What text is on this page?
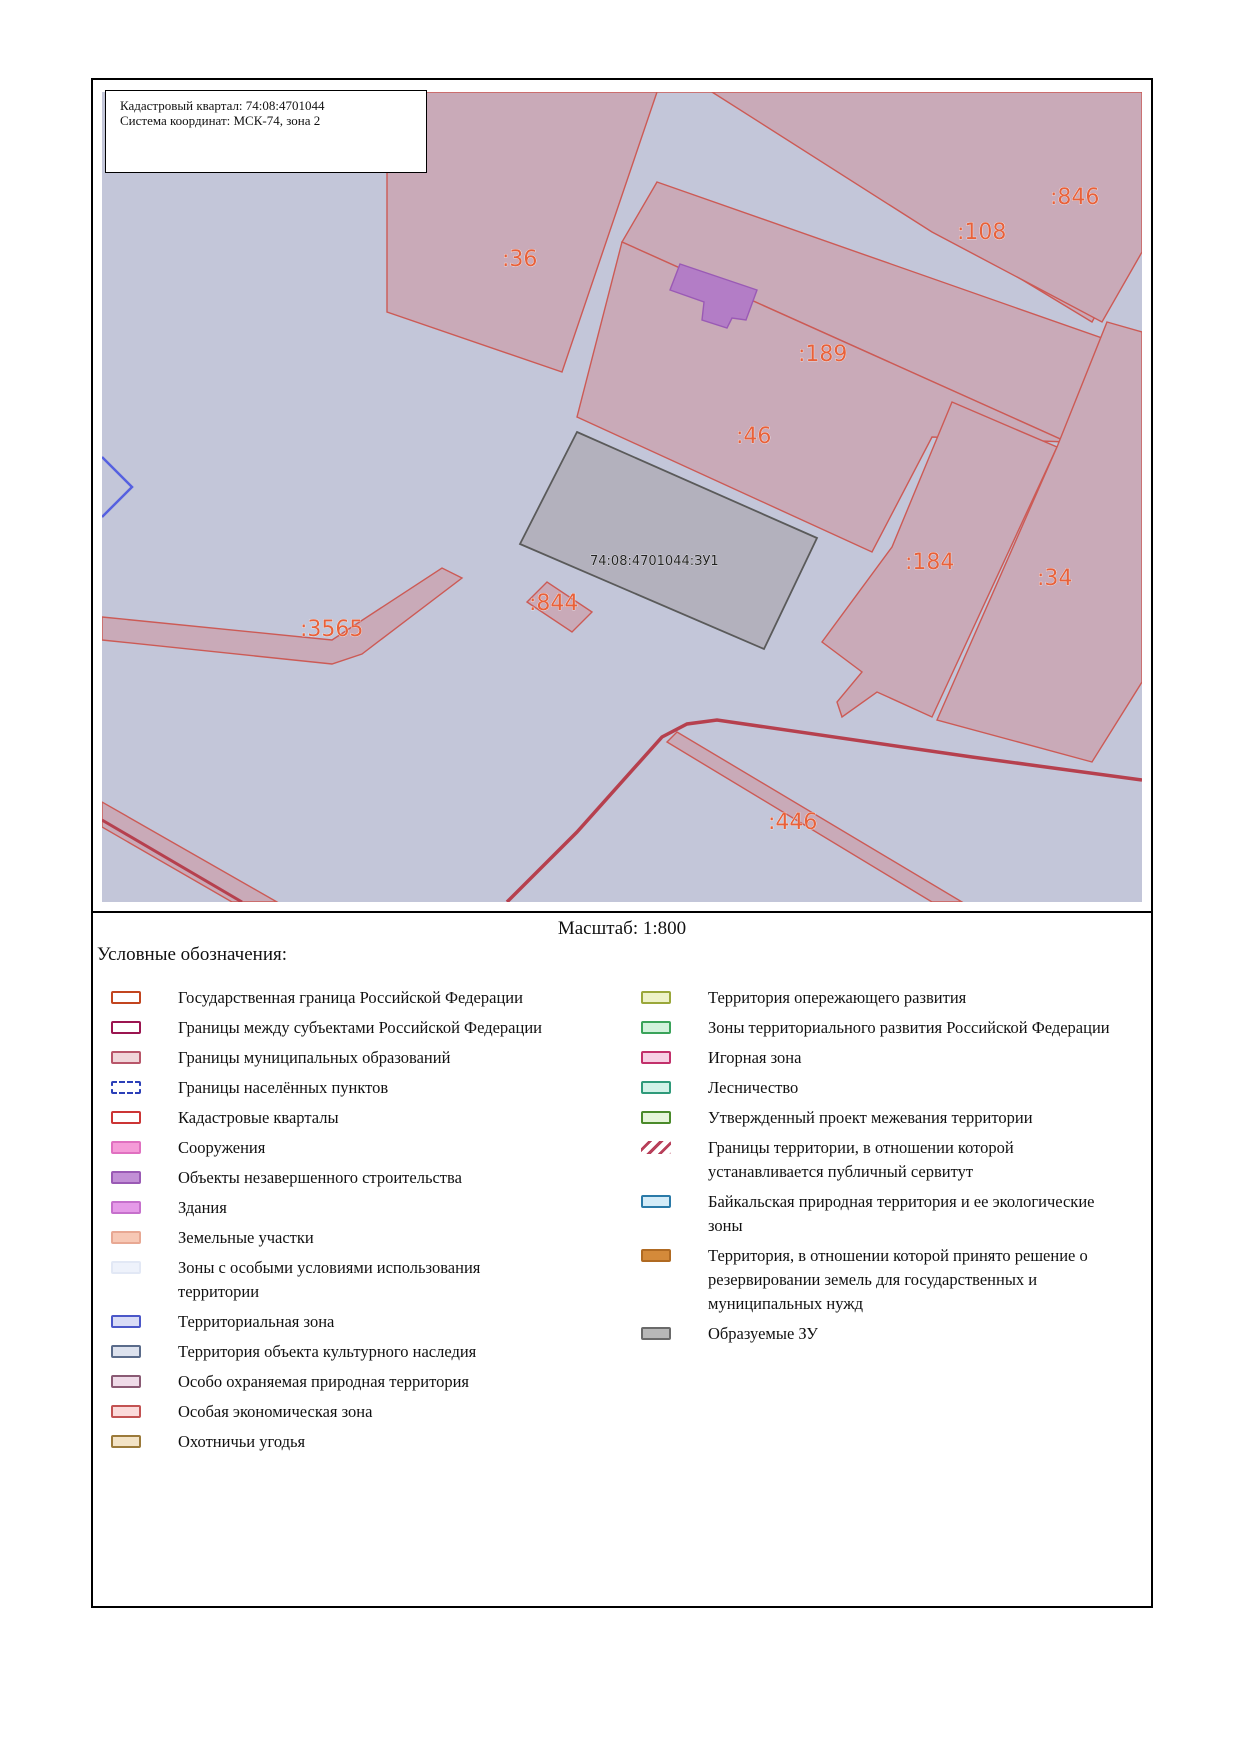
:846
:108
:36
:189
:46
:184
:34
:844
:3565
:446
74:08:4701044:ЗУ1
Кадастровый квартал: 74:08:4701044
Система координат: МСК-74, зона 2
Масштаб: 1:800
Условные обозначения:
Государственная граница Российской Федерации
Границы между субъектами Российской Федерации
Границы муниципальных образований
Границы населённых пунктов
Кадастровые кварталы
Сооружения
Объекты незавершенного строительства
Здания
Земельные участки
Зоны с особыми условиями использования территории
Территориальная зона
Территория объекта культурного наследия
Особо охраняемая природная территория
Особая экономическая зона
Охотничьи угодья
Территория опережающего развития
Зоны территориального развития Российской Федерации
Игорная зона
Лесничество
Утвержденный проект межевания территории
Границы территории, в отношении которой устанавливается публичный сервитут
Байкальская природная территория и ее экологические зоны
Территория, в отношении которой принято решение о резервировании земель для государственных и муниципальных нужд
Образуемые ЗУ
